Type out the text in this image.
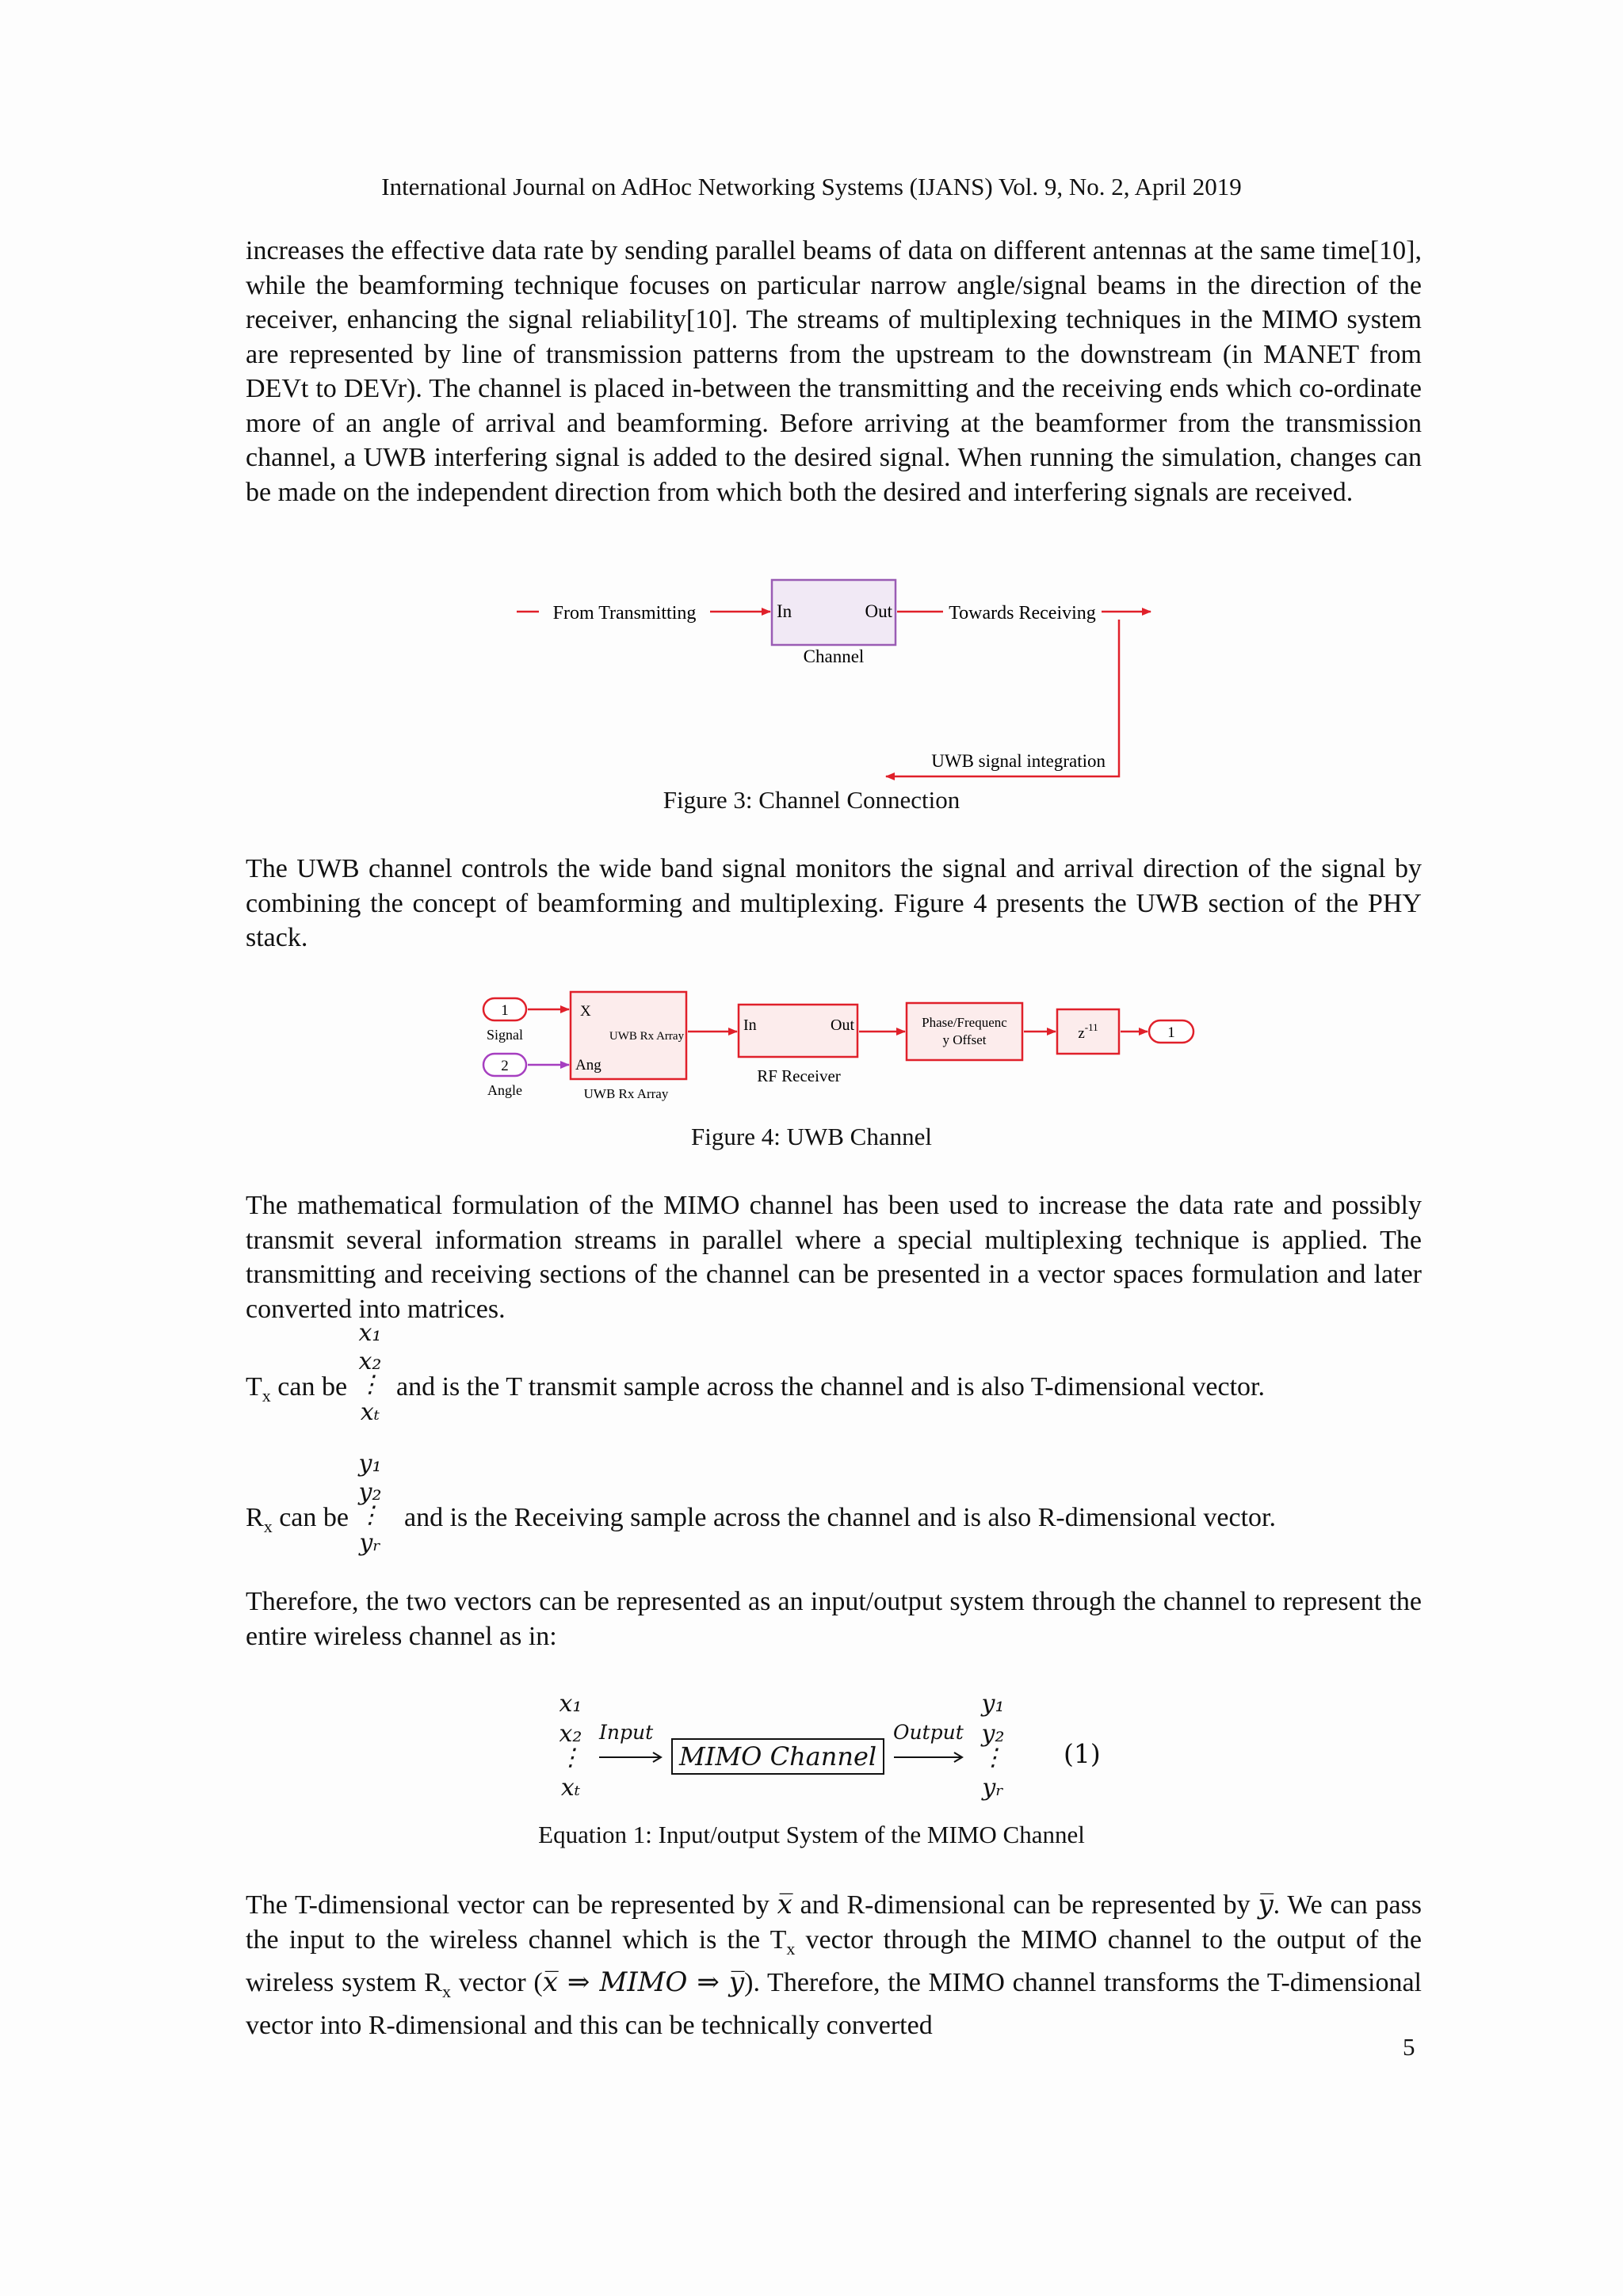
International Journal on AdHoc Networking Systems (IJANS) Vol. 9, No. 2, April 2019

increases the effective data rate by sending parallel beams of data on different antennas at the same time[10], while the beamforming technique focuses on particular narrow angle/signal beams in the direction of the receiver, enhancing the signal reliability[10]. The streams of multiplexing techniques in the MIMO system are represented by line of transmission patterns from the upstream to the downstream (in MANET from DEVt to DEVr). The channel is placed in-between the transmitting and the receiving ends which co-ordinate more of an angle of arrival and beamforming. Before arriving at the beamformer from the transmission channel, a UWB interfering signal is added to the desired signal. When running the simulation, changes can be made on the independent direction from which both the desired and interfering signals are received.

From Transmitting	In	Out
Channel
Towards Receiving
UWB signal integration
Figure 3: Channel Connection

The UWB channel controls the wide band signal monitors the signal and arrival direction of the signal by combining the concept of beamforming and multiplexing. Figure 4 presents the UWB section of the PHY stack.

1
Signal
2
Angle
X
UWB Rx Array
Ang
UWB Rx Array
In	Out
RF Receiver
Phase/Frequenc
y Offset	$z^{-11}$	1
Figure 4: UWB Channel

The mathematical formulation of the MIMO channel has been used to increase the data rate and possibly transmit several information streams in parallel where a special multiplexing technique is applied. The transmitting and receiving sections of the channel can be presented in a vector spaces formulation and later converted into matrices.

x₁
x₂
⋮
xₜ
$T_x$ can be and is the T transmit sample across the channel and is also T-dimensional vector.
y₁
y₂
⋮
yᵣ
$R_x$ can be and is the Receiving sample across the channel and is also R-dimensional vector.

Therefore, the two vectors can be represented as an input/output system through the channel to represent the entire wireless channel as in:

x₁
x₂
⋮
xₜ
Input
MIMO Channel
Output
y₁
y₂
⋮
yᵣ
(1)
Equation 1: Input/output System of the MIMO Channel

The T-dimensional vector can be represented by x̅ and R-dimensional can be represented by y̅. We can pass the input to the wireless channel which is the $T_x$ vector through the MIMO channel to the output of the wireless system $R_x$ vector (x̅ ⇒ MIMO ⇒ y̅). Therefore, the MIMO channel transforms the T-dimensional vector into R-dimensional and this can be technically converted

5
